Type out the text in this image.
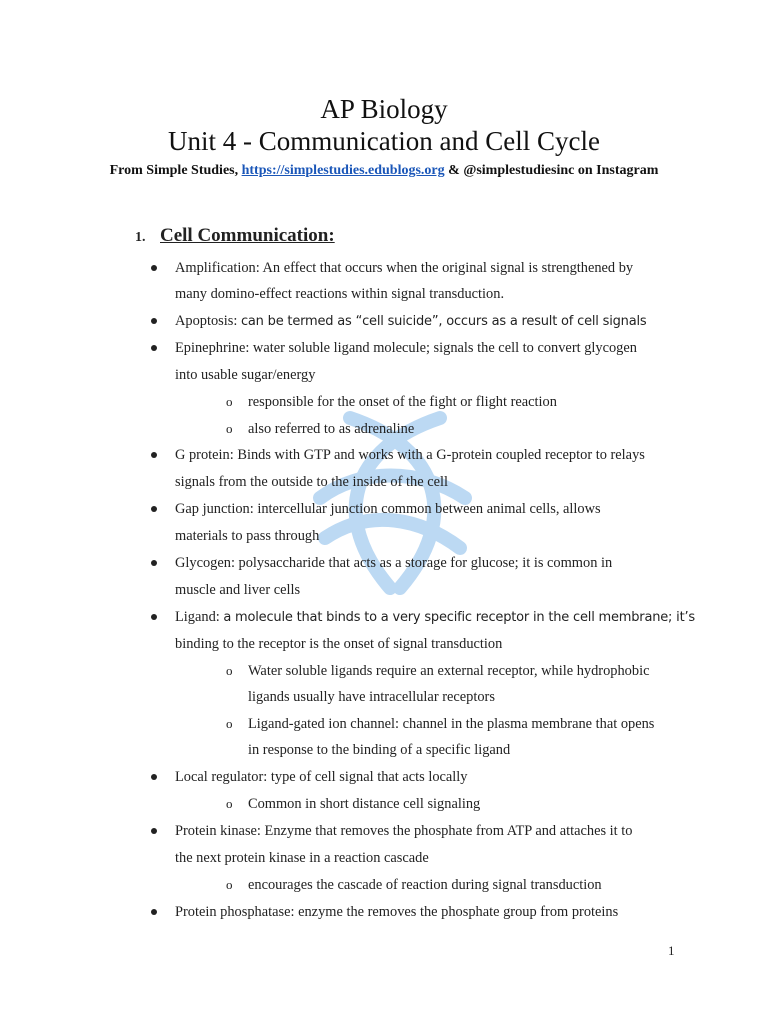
AP Biology
Unit 4 - Communication and Cell Cycle
From Simple Studies, https://simplestudies.edublogs.org & @simplestudiesinc on Instagram
1. Cell Communication:
Amplification: An effect that occurs when the original signal is strengthened by
many domino-effect reactions within signal transduction.
Apoptosis: can be termed as “cell suicide”, occurs as a result of cell signals
Epinephrine: water soluble ligand molecule; signals the cell to convert glycogen
into usable sugar/energy
o responsible for the onset of the fight or flight reaction
o also referred to as adrenaline
G protein: Binds with GTP and works with a G-protein coupled receptor to relays
signals from the outside to the inside of the cell
Gap junction: intercellular junction common between animal cells, allows
materials to pass through
Glycogen: polysaccharide that acts as a storage for glucose; it is common in
muscle and liver cells
Ligand: a molecule that binds to a very specific receptor in the cell membrane; it’s
binding to the receptor is the onset of signal transduction
o Water soluble ligands require an external receptor, while hydrophobic
ligands usually have intracellular receptors
o Ligand-gated ion channel: channel in the plasma membrane that opens
in response to the binding of a specific ligand
Local regulator: type of cell signal that acts locally
o Common in short distance cell signaling
Protein kinase: Enzyme that removes the phosphate from ATP and attaches it to
the next protein kinase in a reaction cascade
o encourages the cascade of reaction during signal transduction
Protein phosphatase: enzyme the removes the phosphate group from proteins
1
